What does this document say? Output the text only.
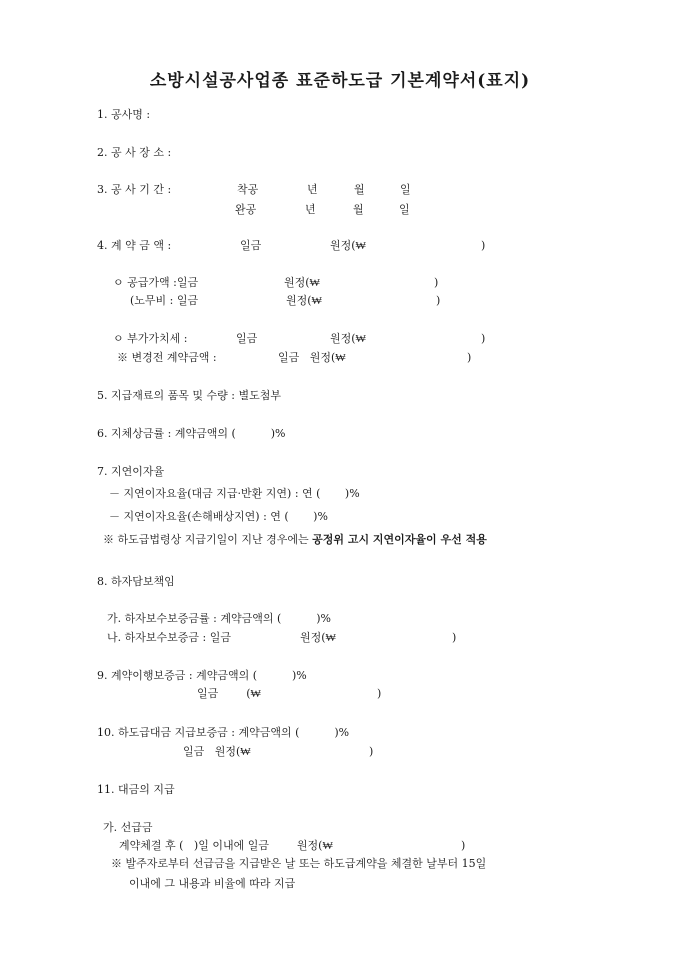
소방시설공사업종 표준하도급 기본계약서(표지)
1. 공사명 :
2. 공 사 장 소 :
3. 공 사 기 간 :	착공	년	월	일
완공	년	월	일
4. 계 약 금 액 :	일금	원정(₩	)
ㅇ 공급가액 :일금	원정(₩	)
(노무비 : 일금	원정(₩	)
ㅇ 부가가치세 :	일금	원정(₩	)
※ 변경전 계약금액 :	일금   원정(₩	)
5. 지급재료의 품목 및 수량 : 별도첨부
6. 지체상금률 : 계약금액의 (          )%
7. 지연이자율
－ 지연이자요율(대금 지급·반환 지연) : 연 (       )%
－ 지연이자요율(손해배상지연) : 연 (       )%
※ 하도급법령상 지급기일이 지난 경우에는 공정위 고시 지연이자율이 우선 적용
8. 하자담보책임
가. 하자보수보증금률 : 계약금액의 (          )%
나. 하자보수보증금 : 일금	원정(₩	)
9. 계약이행보증금 : 계약금액의 (          )%
일금        (₩	)
10. 하도급대금 지급보증금 : 계약금액의 (          )%
일금   원정(₩	)
11. 대금의 지급
가. 선급금
계약체결 후 (   )일 이내에 일금        원정(₩	)
※ 발주자로부터 선급금을 지급받은 날 또는 하도급계약을 체결한 날부터 15일
이내에 그 내용과 비율에 따라 지급
